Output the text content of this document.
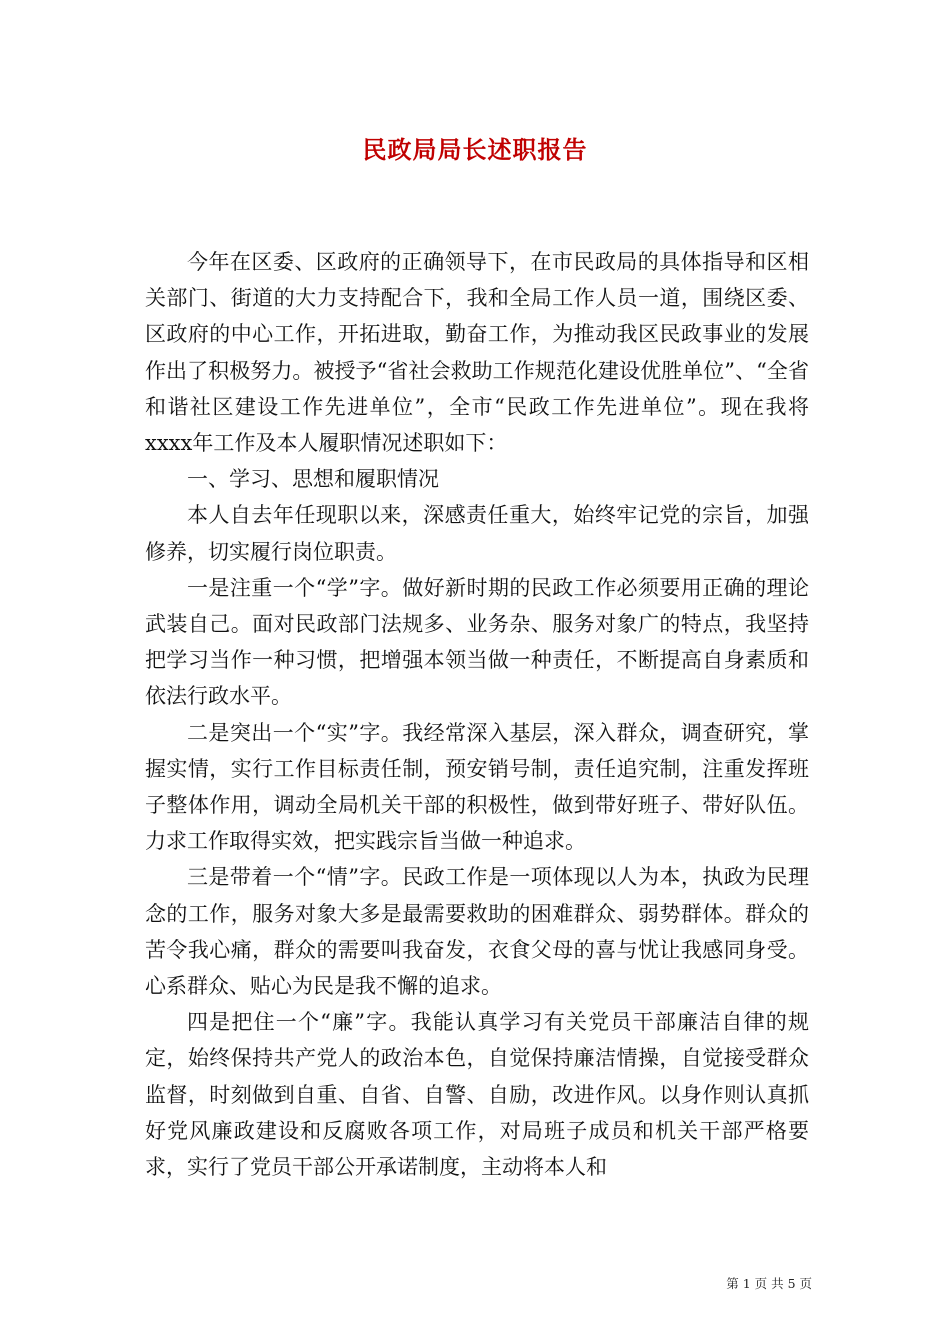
民政局局长述职报告

今年在区委、区政府的正确领导下，在市民政局的具体指导和区相关部门、街道的大力支持配合下，我和全局工作人员一道，围绕区委、区政府的中心工作，开拓进取，勤奋工作，为推动我区民政事业的发展作出了积极努力。被授予“省社会救助工作规范化建设优胜单位”、“全省和谐社区建设工作先进单位”，全市“民政工作先进单位”。现在我将xxxx年工作及本人履职情况述职如下：

一、学习、思想和履职情况

本人自去年任现职以来，深感责任重大，始终牢记党的宗旨，加强修养，切实履行岗位职责。

一是注重一个“学”字。做好新时期的民政工作必须要用正确的理论武装自己。面对民政部门法规多、业务杂、服务对象广的特点，我坚持把学习当作一种习惯，把增强本领当做一种责任，不断提高自身素质和依法行政水平。

二是突出一个“实”字。我经常深入基层，深入群众，调查研究，掌握实情，实行工作目标责任制，预安销号制，责任追究制，注重发挥班子整体作用，调动全局机关干部的积极性，做到带好班子、带好队伍。力求工作取得实效，把实践宗旨当做一种追求。

三是带着一个“情”字。民政工作是一项体现以人为本，执政为民理念的工作，服务对象大多是最需要救助的困难群众、弱势群体。群众的苦令我心痛，群众的需要叫我奋发，衣食父母的喜与忧让我感同身受。心系群众、贴心为民是我不懈的追求。

四是把住一个“廉”字。我能认真学习有关党员干部廉洁自律的规定，始终保持共产党人的政治本色，自觉保持廉洁情操，自觉接受群众监督，时刻做到自重、自省、自警、自励，改进作风。以身作则认真抓好党风廉政建设和反腐败各项工作，对局班子成员和机关干部严格要求，实行了党员干部公开承诺制度，主动将本人和

第 1 页 共 5 页
